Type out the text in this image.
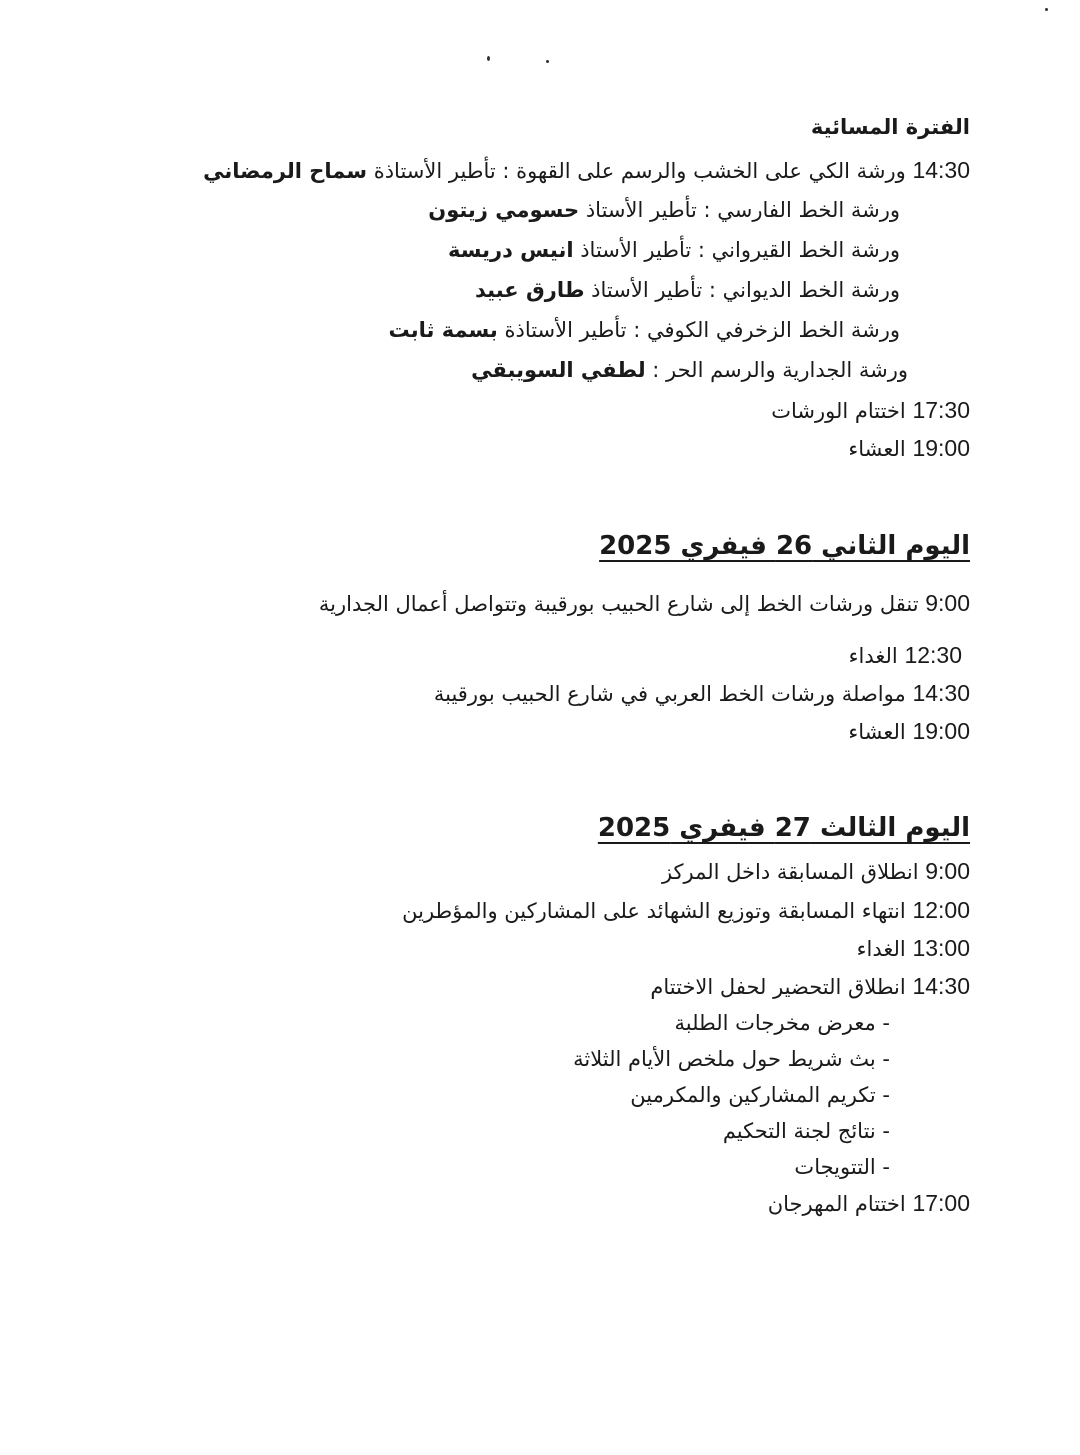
الفترة المسائية
14:30 ورشة الكي على الخشب والرسم على القهوة : تأطير الأستاذة سماح الرمضاني
ورشة الخط الفارسي : تأطير الأستاذ حسومي زيتون
ورشة الخط القيرواني : تأطير الأستاذ انيس دريسة
ورشة الخط الديواني : تأطير الأستاذ طارق عبيد
ورشة الخط الزخرفي الكوفي : تأطير الأستاذة بسمة ثابت
ورشة الجدارية والرسم الحر : لطفي السويبقي
17:30 اختتام الورشات
19:00 العشاء
اليوم الثاني 26 فيفري 2025
9:00 تنقل ورشات الخط إلى شارع الحبيب بورقيبة وتتواصل أعمال الجدارية
12:30 الغداء
14:30 مواصلة ورشات الخط العربي في شارع الحبيب بورقيبة
19:00 العشاء
اليوم الثالث 27 فيفري 2025
9:00 انطلاق المسابقة داخل المركز
12:00 انتهاء المسابقة وتوزيع الشهائد على المشاركين والمؤطرين
13:00 الغداء
14:30 انطلاق التحضير لحفل الاختتام
- معرض مخرجات الطلبة
- بث شريط حول ملخص الأيام الثلاثة
- تكريم المشاركين والمكرمين
- نتائج لجنة التحكيم
- التتويجات
17:00 اختتام المهرجان
